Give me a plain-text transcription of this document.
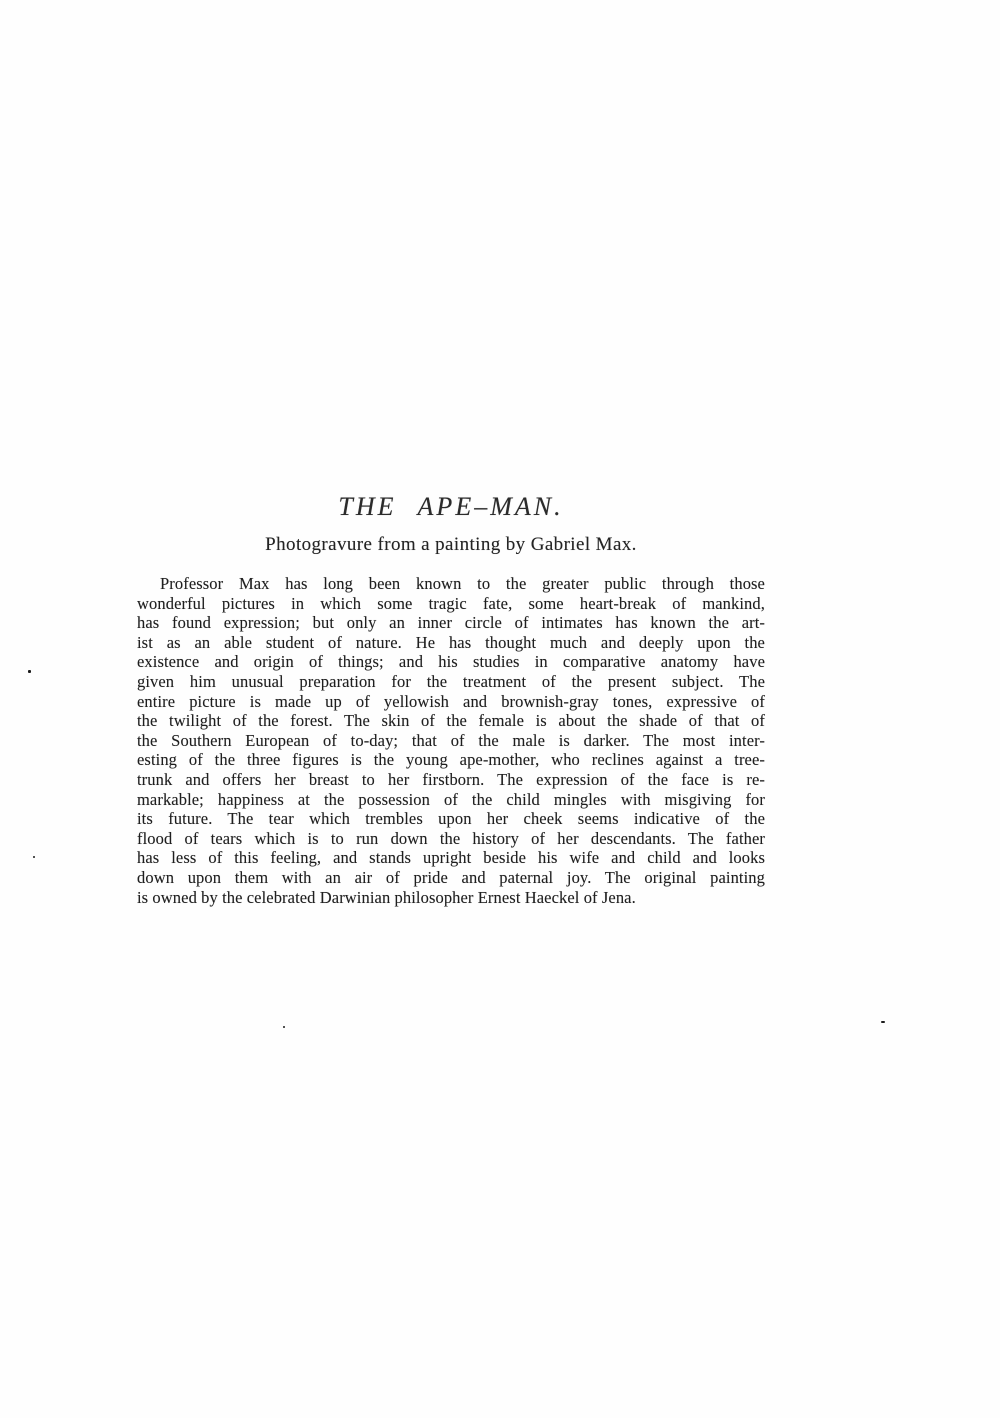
THE APE–MAN.
Photogravure from a painting by Gabriel Max.
Professor Max has long been known to the greater public through those
wonderful pictures in which some tragic fate, some heart-break of mankind,
has found expression; but only an inner circle of intimates has known the art-
ist as an able student of nature. He has thought much and deeply upon the
existence and origin of things; and his studies in comparative anatomy have
given him unusual preparation for the treatment of the present subject. The
entire picture is made up of yellowish and brownish-gray tones, expressive of
the twilight of the forest. The skin of the female is about the shade of that of
the Southern European of to-day; that of the male is darker. The most inter-
esting of the three figures is the young ape-mother, who reclines against a tree-
trunk and offers her breast to her firstborn. The expression of the face is re-
markable; happiness at the possession of the child mingles with misgiving for
its future. The tear which trembles upon her cheek seems indicative of the
flood of tears which is to run down the history of her descendants. The father
has less of this feeling, and stands upright beside his wife and child and looks
down upon them with an air of pride and paternal joy. The original painting
is owned by the celebrated Darwinian philosopher Ernest Haeckel of Jena.
